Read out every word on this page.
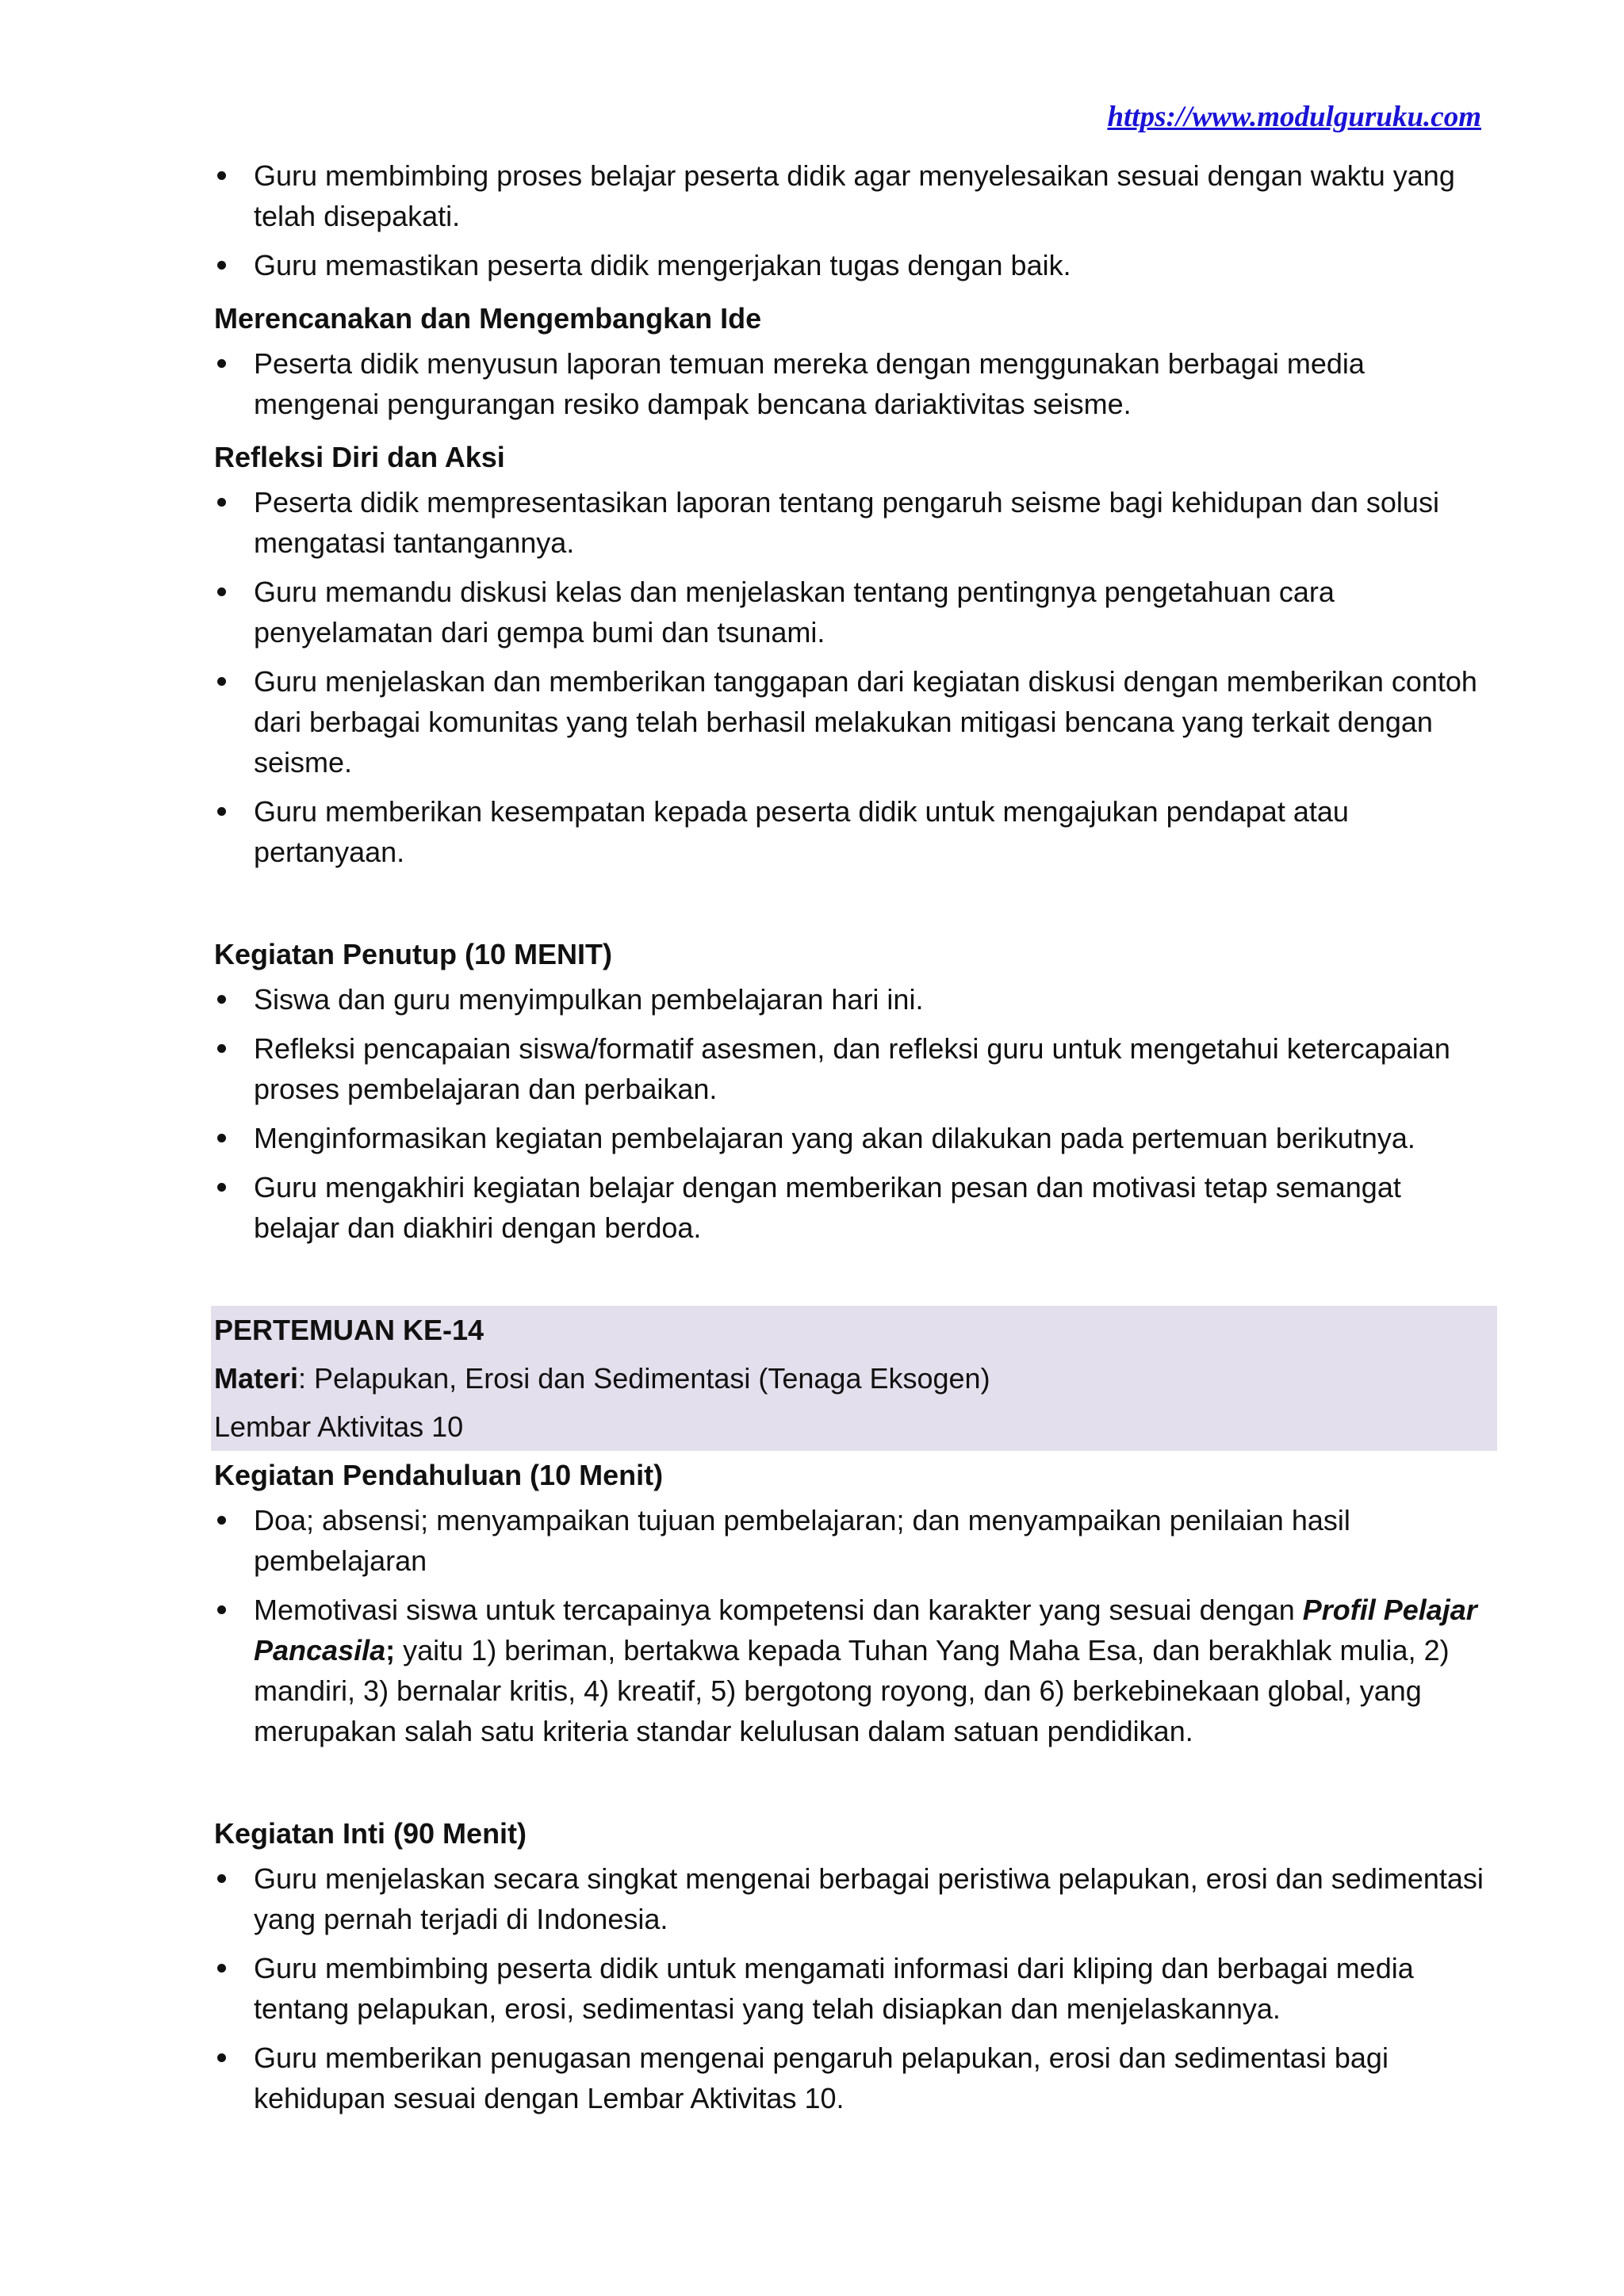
https://www.modulguruku.com
Guru membimbing proses belajar peserta didik agar menyelesaikan sesuai dengan waktu yang telah disepakati.
Guru memastikan peserta didik mengerjakan tugas dengan baik.

Merencanakan dan Mengembangkan Ide

Peserta didik menyusun laporan temuan mereka dengan menggunakan berbagai media mengenai pengurangan resiko dampak bencana dariaktivitas seisme.

Refleksi Diri dan Aksi

Peserta didik mempresentasikan laporan tentang pengaruh seisme bagi kehidupan dan solusi mengatasi tantangannya.
Guru memandu diskusi kelas dan menjelaskan tentang pentingnya pengetahuan cara penyelamatan dari gempa bumi dan tsunami.
Guru menjelaskan dan memberikan tanggapan dari kegiatan diskusi dengan memberikan contoh dari berbagai komunitas yang telah berhasil melakukan mitigasi bencana yang terkait dengan seisme.
Guru memberikan kesempatan kepada peserta didik untuk mengajukan pendapat atau pertanyaan.

Kegiatan Penutup (10 MENIT)

Siswa dan guru menyimpulkan pembelajaran hari ini.
Refleksi pencapaian siswa/formatif asesmen, dan refleksi guru untuk mengetahui ketercapaian proses pembelajaran dan perbaikan.
Menginformasikan kegiatan pembelajaran yang akan dilakukan pada pertemuan berikutnya.
Guru mengakhiri kegiatan belajar dengan memberikan pesan dan motivasi tetap semangat belajar dan diakhiri dengan berdoa.
PERTEMUAN KE-14
Materi: Pelapukan, Erosi dan Sedimentasi (Tenaga Eksogen)
Lembar Aktivitas 10

Kegiatan Pendahuluan (10 Menit)

Doa; absensi; menyampaikan tujuan pembelajaran; dan menyampaikan penilaian hasil pembelajaran
Memotivasi siswa untuk tercapainya kompetensi dan karakter yang sesuai dengan Profil Pelajar Pancasila; yaitu 1) beriman, bertakwa kepada Tuhan Yang Maha Esa, dan berakhlak mulia, 2) mandiri, 3) bernalar kritis, 4) kreatif, 5) bergotong royong, dan 6) berkebinekaan global, yang merupakan salah satu kriteria standar kelulusan dalam satuan pendidikan.

Kegiatan Inti (90 Menit)

Guru menjelaskan secara singkat mengenai berbagai peristiwa pelapukan, erosi dan sedimentasi yang pernah terjadi di Indonesia.
Guru membimbing peserta didik untuk mengamati informasi dari kliping dan berbagai media tentang pelapukan, erosi, sedimentasi yang telah disiapkan dan menjelaskannya.
Guru memberikan penugasan mengenai pengaruh pelapukan, erosi dan sedimentasi bagi kehidupan sesuai dengan Lembar Aktivitas 10.
